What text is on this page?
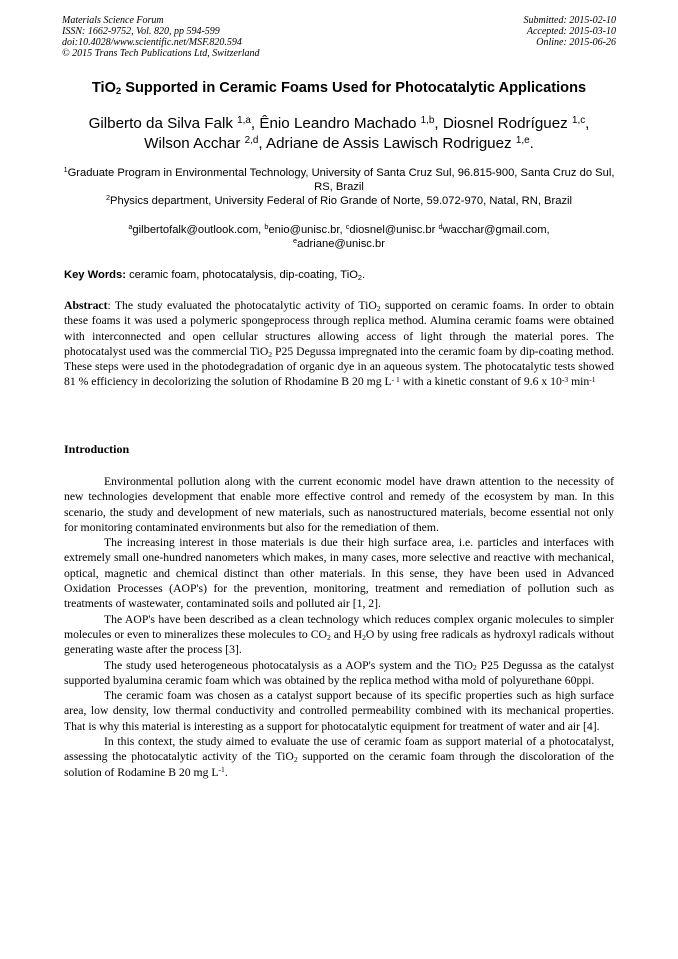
Materials Science Forum
ISSN: 1662-9752, Vol. 820, pp 594-599
doi:10.4028/www.scientific.net/MSF.820.594
© 2015 Trans Tech Publications Ltd, Switzerland
Submitted: 2015-02-10
Accepted: 2015-03-10
Online: 2015-06-26
TiO$_2$ Supported in Ceramic Foams Used for Photocatalytic Applications
Gilberto da Silva Falk $^{1,a}$, Ênio Leandro Machado $^{1,b}$, Diosnel Rodríguez $^{1,c}$,
Wilson Acchar $^{2,d}$, Adriane de Assis Lawisch Rodriguez $^{1,e}$.
$^1$Graduate Program in Environmental Technology, University of Santa Cruz Sul, 96.815-900, Santa Cruz do Sul, RS, Brazil
$^2$Physics department, University Federal of Rio Grande of Norte, 59.072-970, Natal, RN, Brazil
$^a$gilbertofalk@outlook.com, $^b$enio@unisc.br, $^c$diosnel@unisc.br $^d$wacchar@gmail.com,
$^e$adriane@unisc.br
Key Words: ceramic foam, photocatalysis, dip-coating, TiO$_2$.

Abstract: The study evaluated the photocatalytic activity of TiO$_2$ supported on ceramic foams. In order to obtain these foams it was used a polymeric spongeprocess through replica method. Alumina ceramic foams were obtained with interconnected and open cellular structures allowing access of light through the material pores. The photocatalyst used was the commercial TiO$_2$ P25 Degussa impregnated into the ceramic foam by dip-coating method. These steps were used in the photodegradation of organic dye in an aqueous system. The photocatalytic tests showed 81 % efficiency in decolorizing the solution of Rhodamine B 20 mg $L^{- 1}$ with a kinetic constant of 9.6 x $10^{-3}$ $\min^{-1}$

Introduction

Environmental pollution along with the current economic model have drawn attention to the necessity of new technologies development that enable more effective control and remedy of the ecosystem by man. In this scenario, the study and development of new materials, such as nanostructured materials, become essential not only for monitoring contaminated environments but also for the remediation of them.

The increasing interest in those materials is due their high surface area, i.e. particles and interfaces with extremely small one-hundred nanometers which makes, in many cases, more selective and reactive with mechanical, optical, magnetic and chemical distinct than other materials. In this sense, they have been used in Advanced Oxidation Processes (AOP's) for the prevention, monitoring, treatment and remediation of pollution such as treatments of wastewater, contaminated soils and polluted air [1, 2].

The AOP's have been described as a clean technology which reduces complex organic molecules to simpler molecules or even to mineralizes these molecules to $CO_2$ and $H_2O$ by using free radicals as hydroxyl radicals without generating waste after the process [3].

The study used heterogeneous photocatalysis as a AOP's system and the TiO$_2$ P25 Degussa as the catalyst supported byalumina ceramic foam which was obtained by the replica method witha mold of polyurethane 60ppi.

The ceramic foam was chosen as a catalyst support because of its specific properties such as high surface area, low density, low thermal conductivity and controlled permeability combined with its mechanical properties. That is why this material is interesting as a support for photocatalytic equipment for treatment of water and air [4].

In this context, the study aimed to evaluate the use of ceramic foam as support material of a photocatalyst, assessing the photocatalytic activity of the TiO$_2$ supported on the ceramic foam through the discoloration of the solution of Rodamine B 20 mg $L^{-1}$.
